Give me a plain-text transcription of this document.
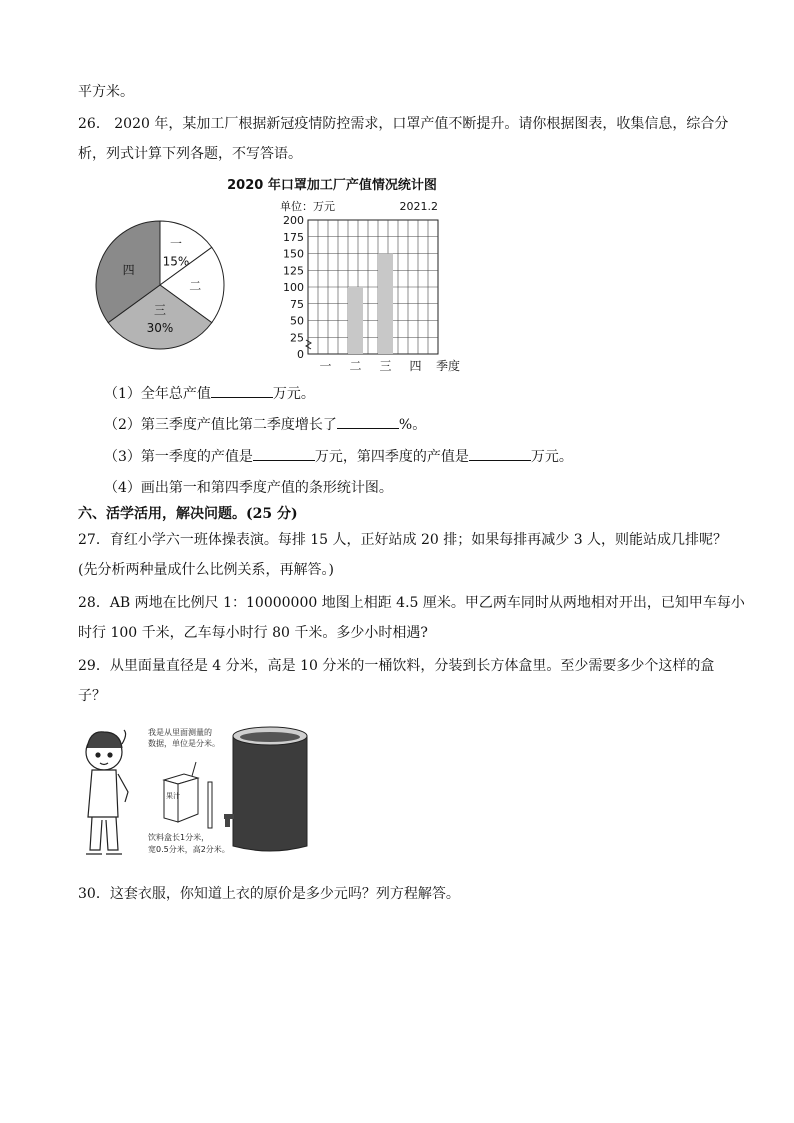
平方米。
26． 2020 年，某加工厂根据新冠疫情防控需求，口罩产值不断提升。请你根据图表，收集信息，综合分
析，列式计算下列各题，不写答语。
2020 年口罩加工厂产值情况统计图
一
15%
二
三
30%
四
0
25
50
75
100
125
150
175
200
单位：万元	2021.2
一 二 三 四 季度
（1）全年总产值	万元。
（2）第三季度产值比第二季度增长了	%。
（3）第一季度的产值是	万元，第四季度的产值是	万元。
（4）画出第一和第四季度产值的条形统计图。
六、活学活用，解决问题。(25 分)
27．育红小学六一班体操表演。每排 15 人，正好站成 20 排；如果每排再减少 3 人，则能站成几排呢？
(先分析两种量成什么比例关系，再解答。)
28．AB 两地在比例尺 1：10000000 地图上相距 4.5 厘米。甲乙两车同时从两地相对开出，已知甲车每小
时行 100 千米，乙车每小时行 80 千米。多少小时相遇?
29．从里面量直径是 4 分米，高是 10 分米的一桶饮料，分装到长方体盒里。至少需要多少个这样的盒
子？
我是从里面测量的
数据，单位是分米。
果汁
饮料盒长1分米，
宽0.5分米，高2分米。
30．这套衣服，你知道上衣的原价是多少元吗？列方程解答。
